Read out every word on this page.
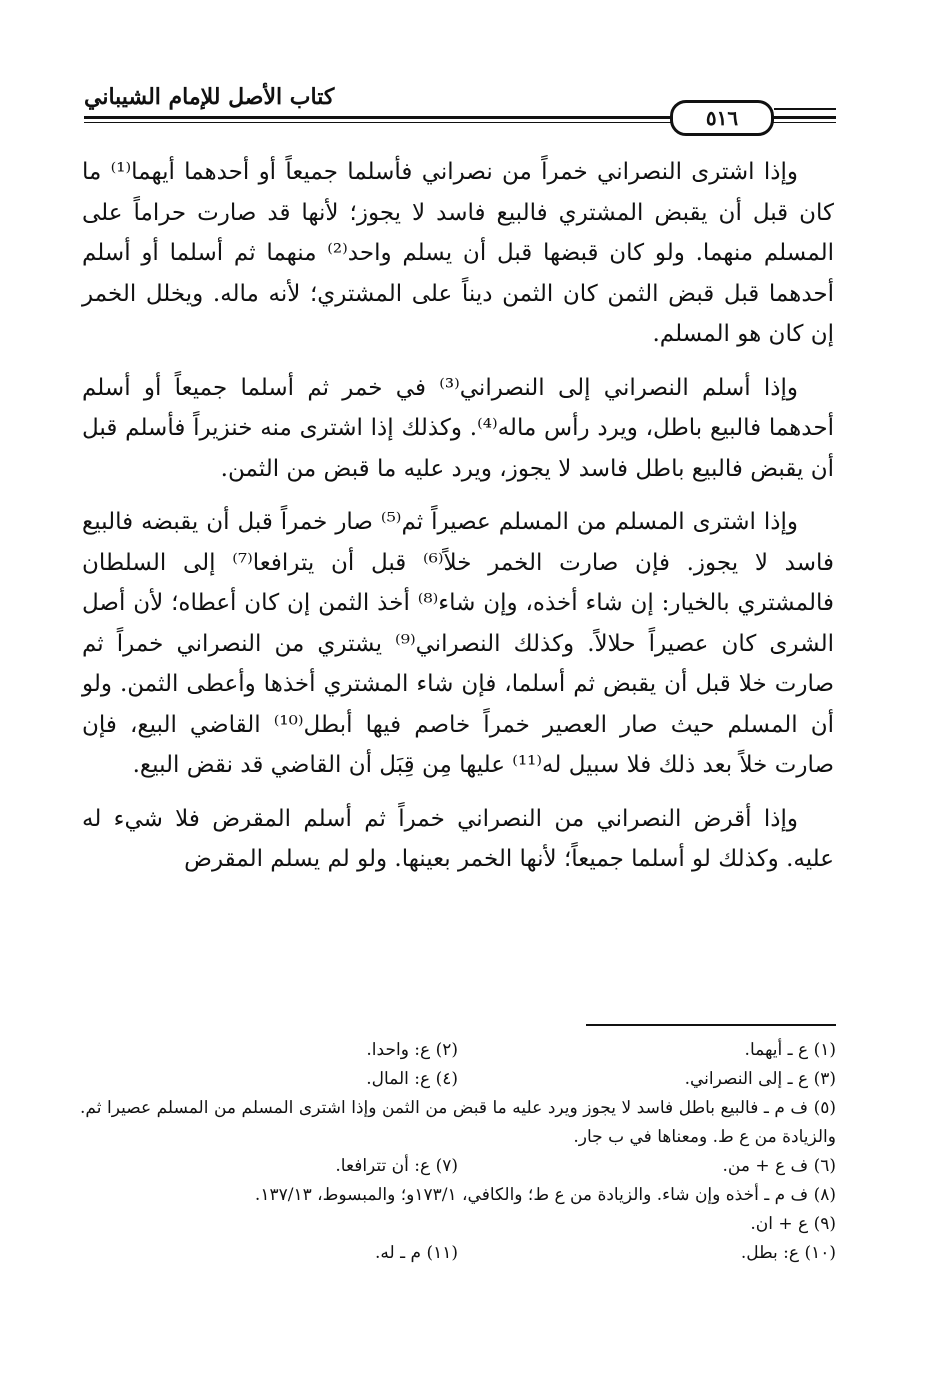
كتاب الأصل للإمام الشيباني
٥١٦

وإذا اشترى النصراني خمراً من نصراني فأسلما جميعاً أو أحدهما أيهما⁽¹⁾ ما كان قبل أن يقبض المشتري فالبيع فاسد لا يجوز؛ لأنها قد صارت حراماً على المسلم منهما. ولو كان قبضها قبل أن يسلم واحد⁽²⁾ منهما ثم أسلما أو أسلم أحدهما قبل قبض الثمن كان الثمن ديناً على المشتري؛ لأنه ماله. ويخلل الخمر إن كان هو المسلم.

وإذا أسلم النصراني إلى النصراني⁽³⁾ في خمر ثم أسلما جميعاً أو أسلم أحدهما فالبيع باطل، ويرد رأس ماله⁽⁴⁾. وكذلك إذا اشترى منه خنزيراً فأسلم قبل أن يقبض فالبيع باطل فاسد لا يجوز، ويرد عليه ما قبض من الثمن.

وإذا اشترى المسلم من المسلم عصيراً ثم⁽⁵⁾ صار خمراً قبل أن يقبضه فالبيع فاسد لا يجوز. فإن صارت الخمر خلاً⁽⁶⁾ قبل أن يترافعا⁽⁷⁾ إلى السلطان فالمشتري بالخيار: إن شاء أخذه، وإن شاء⁽⁸⁾ أخذ الثمن إن كان أعطاه؛ لأن أصل الشرى كان عصيراً حلالاً. وكذلك النصراني⁽⁹⁾ يشتري من النصراني خمراً ثم صارت خلا قبل أن يقبض ثم أسلما، فإن شاء المشتري أخذها وأعطى الثمن. ولو أن المسلم حيث صار العصير خمراً خاصم فيها أبطل⁽¹⁰⁾ القاضي البيع، فإن صارت خلاً بعد ذلك فلا سبيل له⁽¹¹⁾ عليها مِن قِبَل أن القاضي قد نقض البيع.

وإذا أقرض النصراني من النصراني خمراً ثم أسلم المقرض فلا شيء له عليه. وكذلك لو أسلما جميعاً؛ لأنها الخمر بعينها. ولو لم يسلم المقرض

(١) ع ـ أيهما.
(٢) ع: واحدا.
(٣) ع ـ إلى النصراني.
(٤) ع: المال.
(٥) ف م ـ فالبيع باطل فاسد لا يجوز ويرد عليه ما قبض من الثمن وإذا اشترى المسلم من المسلم عصيرا ثم. والزيادة من ع ط. ومعناها في ب جار.
(٦) ف ع + من.
(٧) ع: أن تترافعا.
(٨) ف م ـ أخذه وإن شاء. والزيادة من ع ط؛ والكافي، ١٧٣/١و؛ والمبسوط، ١٣٧/١٣.
(٩) ع + ان.
(١٠) ع: بطل.
(١١) م ـ له.
